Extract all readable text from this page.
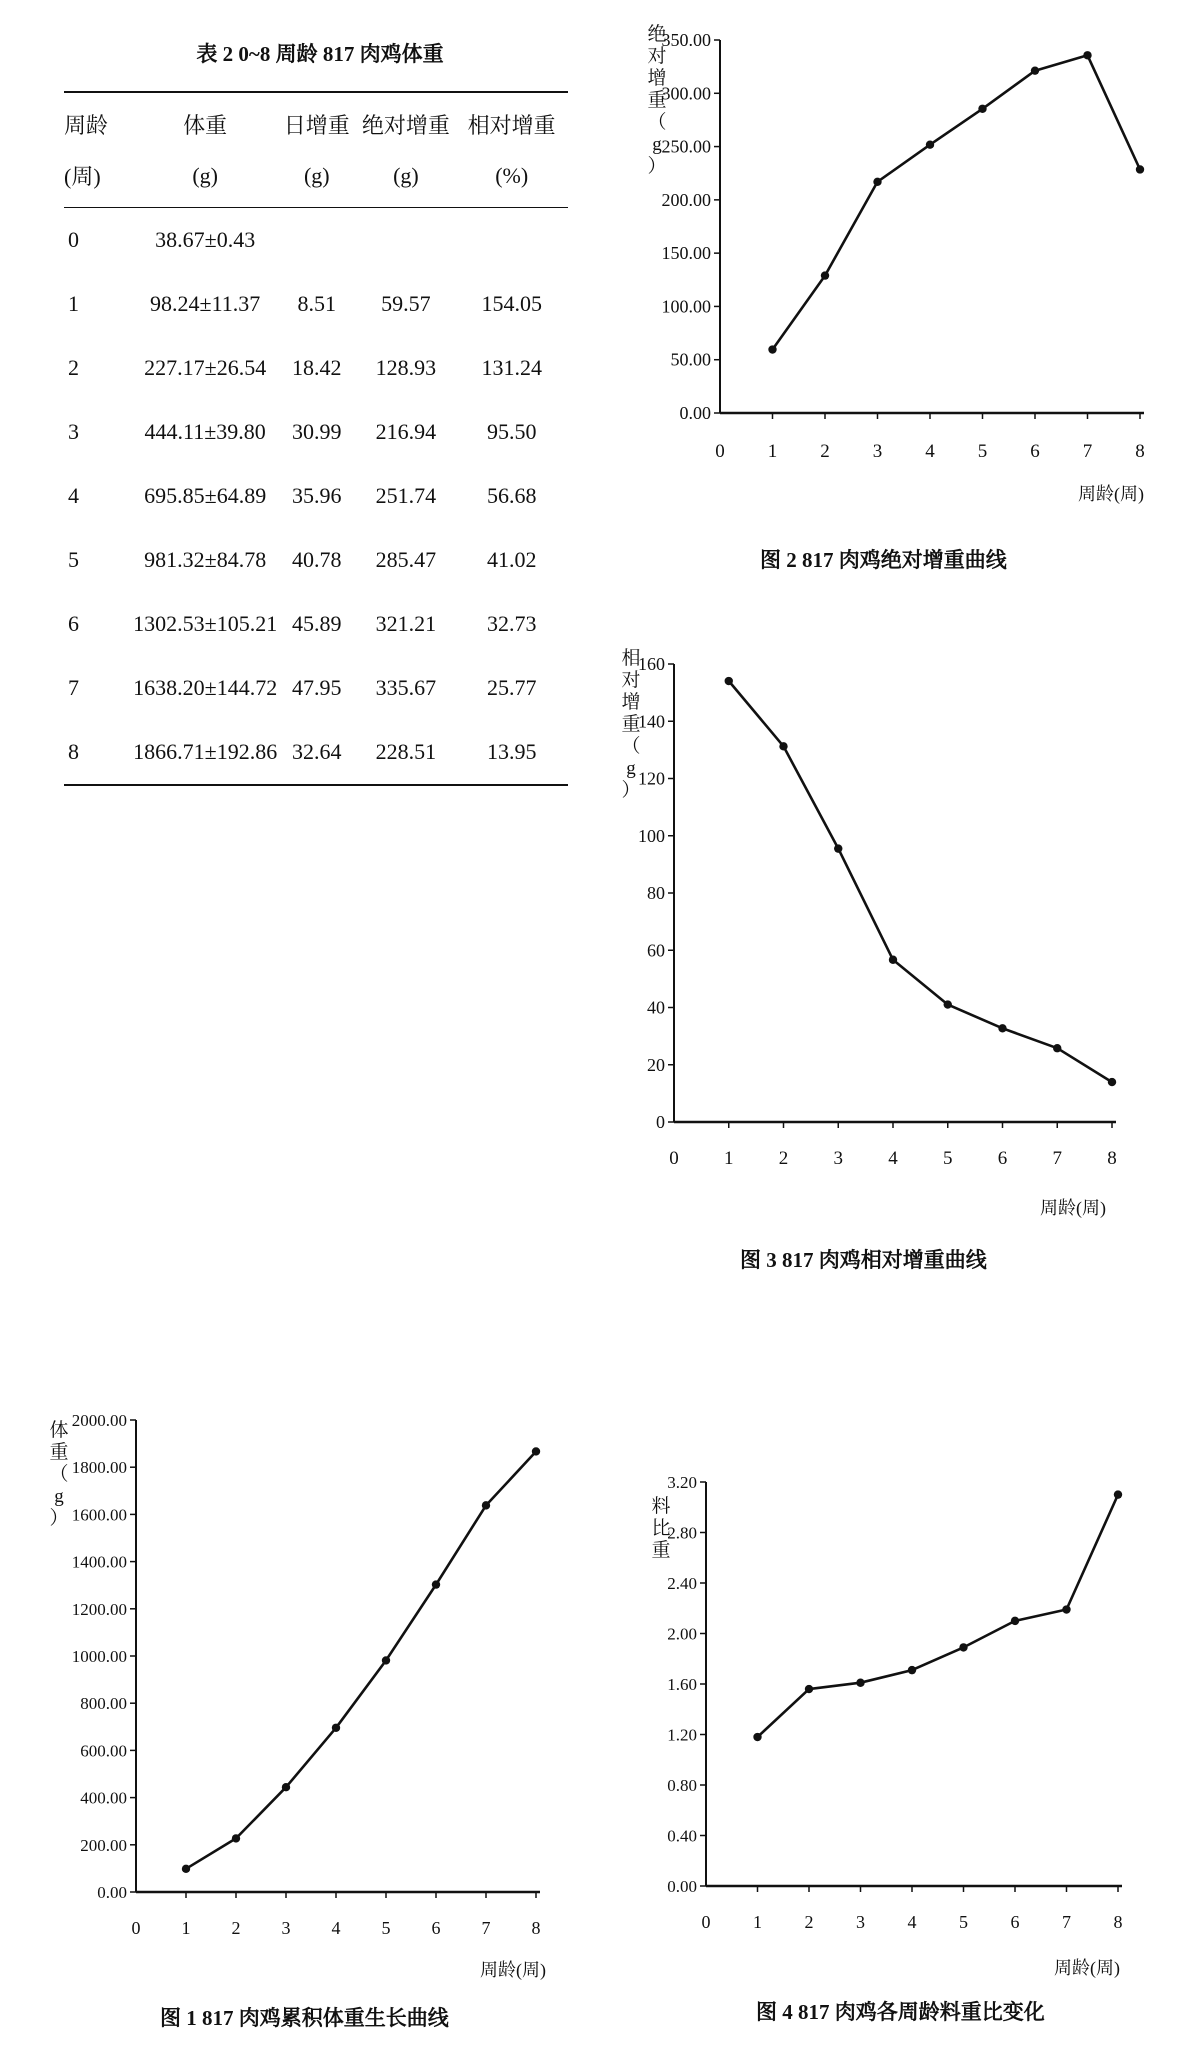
表 2 0~8 周龄 817 肉鸡体重
周龄	体重	日增重	绝对增重	相对增重
(周)	(g)	(g)	(g)	(%)
0	38.67±0.43			
1	98.24±11.37	8.51	59.57	154.05
2	227.17±26.54	18.42	128.93	131.24
3	444.11±39.80	30.99	216.94	95.50
4	695.85±64.89	35.96	251.74	56.68
5	981.32±84.78	40.78	285.47	41.02
6	1302.53±105.21	45.89	321.21	32.73
7	1638.20±144.72	47.95	335.67	25.77
8	1866.71±192.86	32.64	228.51	13.95
0.00
50.00
100.00
150.00
200.00
250.00
300.00
350.00
0 1 2 3 4 5 6 7 8
绝
对
增
重
（
g
）
周龄(周)
图 2 817 肉鸡绝对增重曲线
0
20
40
60
80
100
120
140
160
0 1 2 3 4 5 6 7 8
相
对
增
重
（
g
）
周龄(周)
图 3 817 肉鸡相对增重曲线
0.00
200.00
400.00
600.00
800.00
1000.00
1200.00
1400.00
1600.00
1800.00
2000.00
0 1 2 3 4 5 6 7 8
体
重
（
g
）
周龄(周)
图 1 817 肉鸡累积体重生长曲线
0.00
0.40
0.80
1.20
1.60
2.00
2.40
2.80
3.20
0 1 2 3 4 5 6 7 8
料
比
重
周龄(周)
图 4 817 肉鸡各周龄料重比变化
